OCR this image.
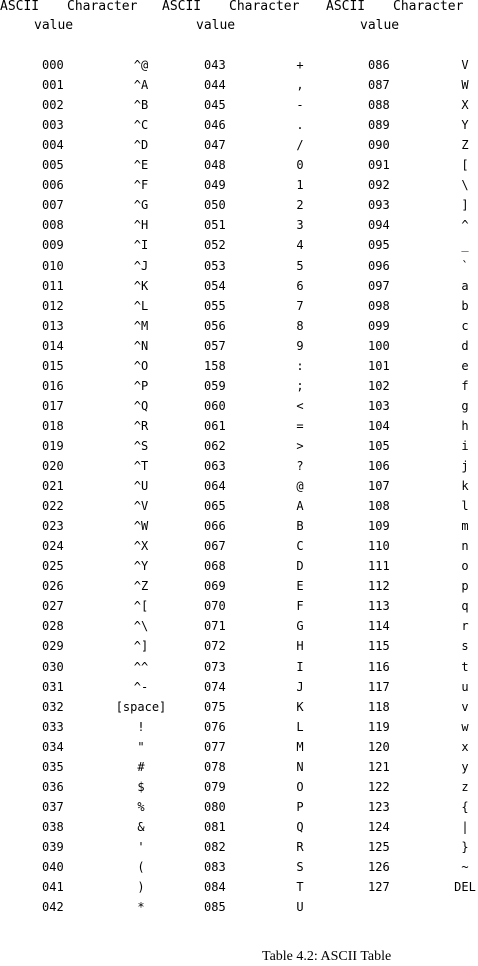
ASCII
value
Character
000	^@
001	^A
002	^B
003	^C
004	^D
005	^E
006	^F
007	^G
008	^H
009	^I
010	^J
011	^K
012	^L
013	^M
014	^N
015	^O
016	^P
017	^Q
018	^R
019	^S
020	^T
021	^U
022	^V
023	^W
024	^X
025	^Y
026	^Z
027	^[
028	^\
029	^]
030	^^
031	^-
032	[space]
033	!
034	"
035	#
036	$
037	%
038	&
039	'
040	(
041	)
042	*
ASCII
value
Character
043	+
044	,
045	-
046	.
047	/
048	0
049	1
050	2
051	3
052	4
053	5
054	6
055	7
056	8
057	9
158	:
059	;
060	<
061	=
062	>
063	?
064	@
065	A
066	B
067	C
068	D
069	E
070	F
071	G
072	H
073	I
074	J
075	K
076	L
077	M
078	N
079	O
080	P
081	Q
082	R
083	S
084	T
085	U
ASCII
value
Character
086	V
087	W
088	X
089	Y
090	Z
091	[
092	\
093	]
094	^
095	_
096	`
097	a
098	b
099	c
100	d
101	e
102	f
103	g
104	h
105	i
106	j
107	k
108	l
109	m
110	n
111	o
112	p
113	q
114	r
115	s
116	t
117	u
118	v
119	w
120	x
121	y
122	z
123	{
124	|
125	}
126	~
127	DEL
Table 4.2: ASCII Table
